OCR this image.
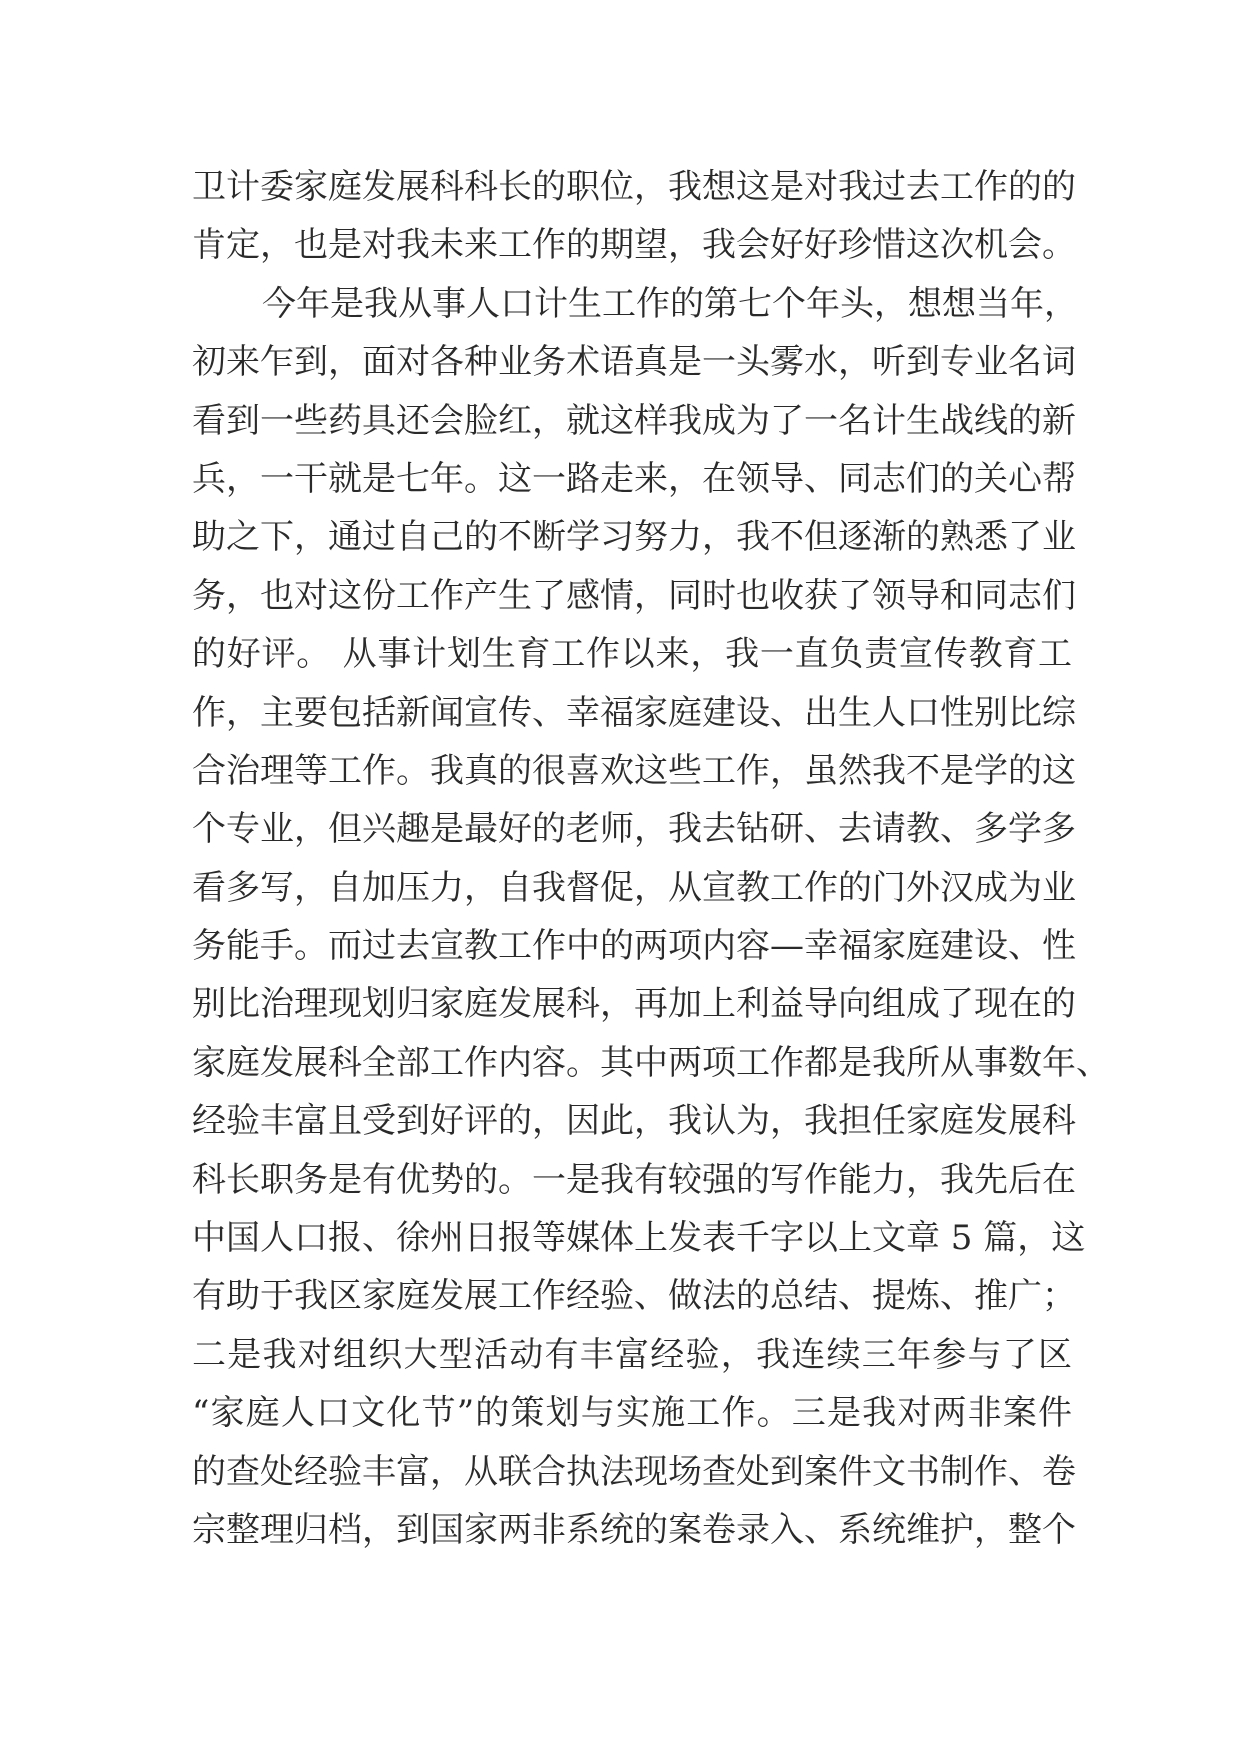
卫计委家庭发展科科长的职位，我想这是对我过去工作的的
肯定，也是对我未来工作的期望，我会好好珍惜这次机会。
今年是我从事人口计生工作的第七个年头，想想当年，
初来乍到，面对各种业务术语真是一头雾水，听到专业名词
看到一些药具还会脸红，就这样我成为了一名计生战线的新
兵，一干就是七年。这一路走来，在领导、同志们的关心帮
助之下，通过自己的不断学习努力，我不但逐渐的熟悉了业
务，也对这份工作产生了感情，同时也收获了领导和同志们
的好评。 从事计划生育工作以来，我一直负责宣传教育工
作，主要包括新闻宣传、幸福家庭建设、出生人口性别比综
合治理等工作。我真的很喜欢这些工作，虽然我不是学的这
个专业，但兴趣是最好的老师，我去钻研、去请教、多学多
看多写，自加压力，自我督促，从宣教工作的门外汉成为业
务能手。而过去宣教工作中的两项内容—幸福家庭建设、性
别比治理现划归家庭发展科，再加上利益导向组成了现在的
家庭发展科全部工作内容。其中两项工作都是我所从事数年、
经验丰富且受到好评的，因此，我认为，我担任家庭发展科
科长职务是有优势的。一是我有较强的写作能力，我先后在
中国人口报、徐州日报等媒体上发表千字以上文章 5 篇，这
有助于我区家庭发展工作经验、做法的总结、提炼、推广；
二是我对组织大型活动有丰富经验，我连续三年参与了区
“家庭人口文化节”的策划与实施工作。三是我对两非案件
的查处经验丰富，从联合执法现场查处到案件文书制作、卷
宗整理归档，到国家两非系统的案卷录入、系统维护，整个
